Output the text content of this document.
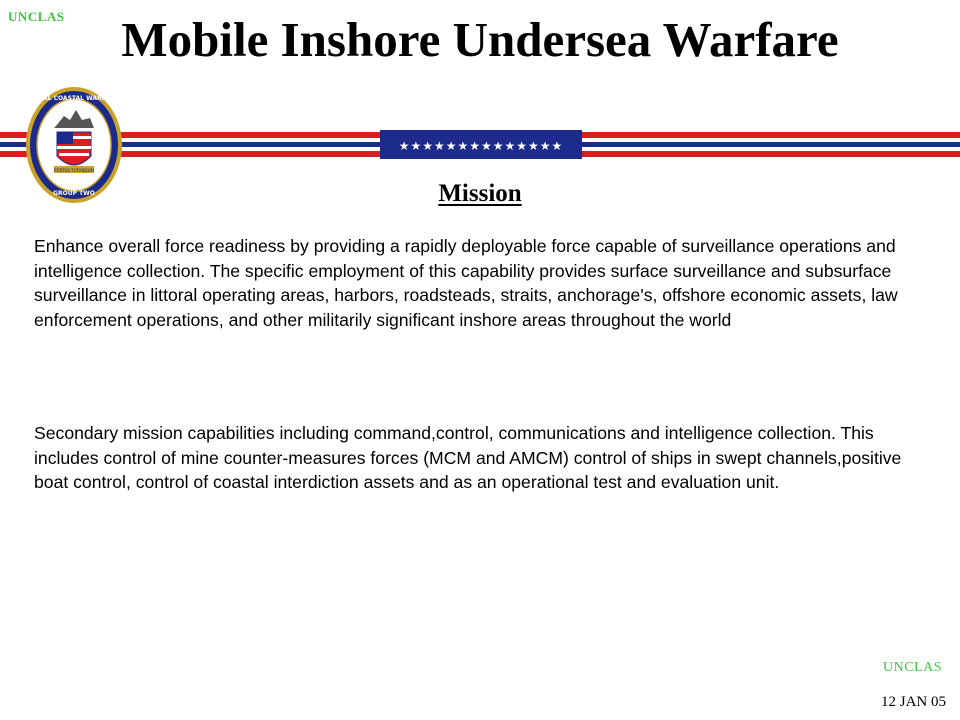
UNCLAS	Mobile Inshore Undersea Warfare
★★★★★★★★★★★★★★
PORTUS TUTANDUM
NAVAL COASTAL WARFARE
GROUP TWO	Mission
Enhance overall force readiness by providing a rapidly deployable force capable of surveillance operations and intelligence collection. The specific employment of this capability provides surface surveillance and subsurface surveillance in littoral operating areas, harbors, roadsteads, straits, anchorage's, offshore economic assets, law enforcement operations, and other militarily significant inshore areas throughout the world
Secondary mission capabilities including command,control, communications and intelligence collection. This includes control of mine counter-measures forces (MCM and AMCM) control of ships in swept channels,positive boat control, control of coastal interdiction assets and as an operational test and evaluation unit.
UNCLAS
12 JAN 05
